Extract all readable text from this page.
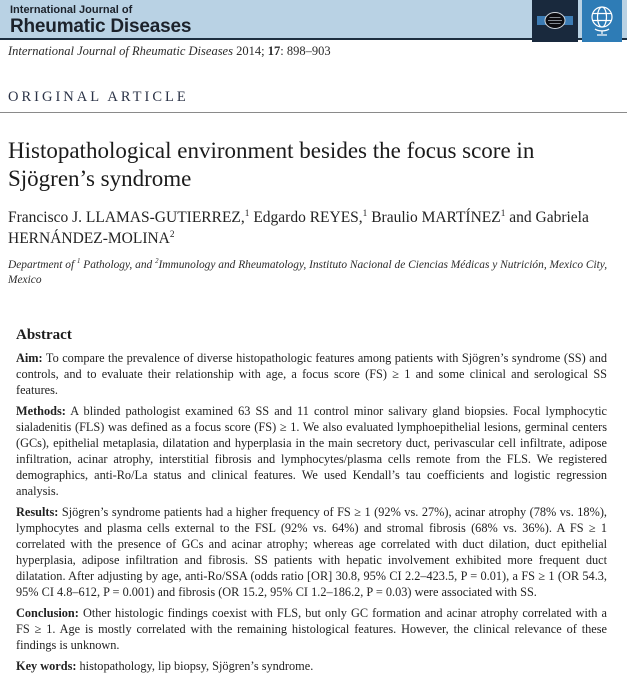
International Journal of
Rheumatic Diseases
International Journal of Rheumatic Diseases 2014; 17: 898–903
ORIGINAL ARTICLE
Histopathological environment besides the focus score in Sjögren’s syndrome
Francisco J. LLAMAS-GUTIERREZ,$^1$ Edgardo REYES,$^1$ Braulio MARTÍNEZ$^1$ and Gabriela HERNÁNDEZ-MOLINA$^2$
Department of $^1$ Pathology, and $^2$Immunology and Rheumatology, Instituto Nacional de Ciencias Médicas y Nutrición, Mexico City, Mexico
Abstract

Aim: To compare the prevalence of diverse histopathologic features among patients with Sjögren’s syndrome (SS) and controls, and to evaluate their relationship with age, a focus score (FS) ≥ 1 and some clinical and serological SS features.

Methods: A blinded pathologist examined 63 SS and 11 control minor salivary gland biopsies. Focal lymphocytic sialadenitis (FLS) was defined as a focus score (FS) ≥ 1. We also evaluated lymphoepithelial lesions, germinal centers (GCs), epithelial metaplasia, dilatation and hyperplasia in the main secretory duct, perivascular cell infiltrate, adipose infiltration, acinar atrophy, interstitial fibrosis and lymphocytes/plasma cells remote from the FLS. We registered demographics, anti-Ro/La status and clinical features. We used Kendall’s tau coefficients and logistic regression analysis.

Results: Sjögren’s syndrome patients had a higher frequency of FS ≥ 1 (92% vs. 27%), acinar atrophy (78% vs. 18%), lymphocytes and plasma cells external to the FSL (92% vs. 64%) and stromal fibrosis (68% vs. 36%). A FS ≥ 1 correlated with the presence of GCs and acinar atrophy; whereas age correlated with duct dilation, duct epithelial hyperplasia, adipose infiltration and fibrosis. SS patients with hepatic involvement exhibited more frequent duct dilatation. After adjusting by age, anti-Ro/SSA (odds ratio [OR] 30.8, 95% CI 2.2–423.5, P = 0.01), a FS ≥ 1 (OR 54.3, 95% CI 4.8–612, P = 0.001) and fibrosis (OR 15.2, 95% CI 1.2–186.2, P = 0.03) were associated with SS.

Conclusion: Other histologic findings coexist with FLS, but only GC formation and acinar atrophy correlated with a FS ≥ 1. Age is mostly correlated with the remaining histological features. However, the clinical relevance of these findings is unknown.

Key words: histopathology, lip biopsy, Sjögren’s syndrome.
